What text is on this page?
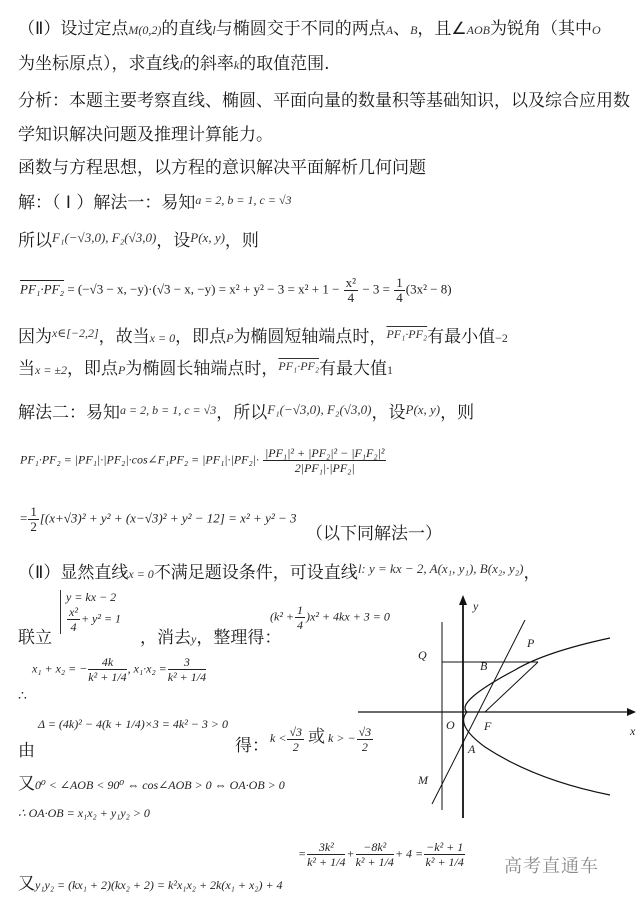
（Ⅱ）设过定点M(0,2)的直线l与椭圆交于不同的两点A、B，且∠AOB为锐角（其中O
为坐标原点），求直线l的斜率k的取值范围.
分析：本题主要考察直线、椭圆、平面向量的数量积等基础知识，以及综合应用数
学知识解决问题及推理计算能力。
函数与方程思想，以方程的意识解决平面解析几何问题
解：（ Ⅰ ）解法一：易知$^{a = 2, b = 1, c = √3}$
所以$^{F_1(-√3,0), F_2(√3,0)}$，设$^{P(x, y)}$，则
PF₁·PF₂ = (−√3 − x, −y)·(√3 − x, $-y) = x^2 + y^2 - 3 = x^2 + 1 - \frac{\text{x²}}{4} - 3 = \frac{1}{4} (3x^2 - 8)$
因为$^{x\in[-2,2]}$，故当x = 0，即点P为椭圆短轴端点时，$^{PF_1\cdot PF_2}$有最小值−2
当x = ±2，即点P为椭圆长轴端点时，$^{PF_1\cdot PF_2}$有最大值1
解法二：易知$^{a = 2, b = 1, c = √3}$，所以$^{F_1(-√3,0), F_2(√3,0)}$，设$^{P(x, y)}$，则
PF₁·PF₂ = |PF₁|·|PF₂|·cos∠F₁PF₂ = $|PF_1|\cdot|PF_2|\cdot \frac{\text{|PF₁|² + |PF₂|² − |F₁F₂|²}}{\text{2|PF₁|·|PF₂|}}$
= $\frac{1}{2} [(x+√3)^2 + y^2 + (x-√3)^2 + y^2 - 12] = x^2 + y^2 - 3$
（以下同解法一）
（Ⅱ）显然直线x = 0不满足题设条件，可设直线$^{l: y = kx - 2, A(x_1, y_1), B(x_2, y_2)}$，
y = kx − 2
$\frac{\text{x²}}{4} + y^2 = 1$
联立	，消去y，整理得：
$(k^2 + \frac{1}{4} )x^2 + 4kx + 3 = 0$
x₁ + x₂ = − $\frac{4k}{\text{k² + 1/4}}$ , $x_1\cdot x_2 = \frac{3}{\text{k² + 1/4}}$
∴
由
Δ = (4k)² − 4(k + 1/4)×3 = 4k² − 3 > 0
得： $k < \frac{√3}{2}$ 或 k > − $\frac{√3}{2}$
又0⁰ < ∠AOB < 90⁰ ⇔ cos∠AOB > 0 ⇔ OA·OB > 0
∴ OA·OB = x₁x₂ + y₁y₂ > 0
又y₁y₂ = (kx₁ + 2)(kx₂ + 2) = k²x₁x₂ + 2k(x₁ + x₂) + 4
= $\frac{\text{3k²}}{\text{k² + 1/4}} + \frac{\text{−8k²}}{\text{k² + 1/4}} + 4 = \frac{\text{−k² + 1}}{\text{k² + 1/4}}$
y
x
O F
P
Q
B
A
M
高考直通车
